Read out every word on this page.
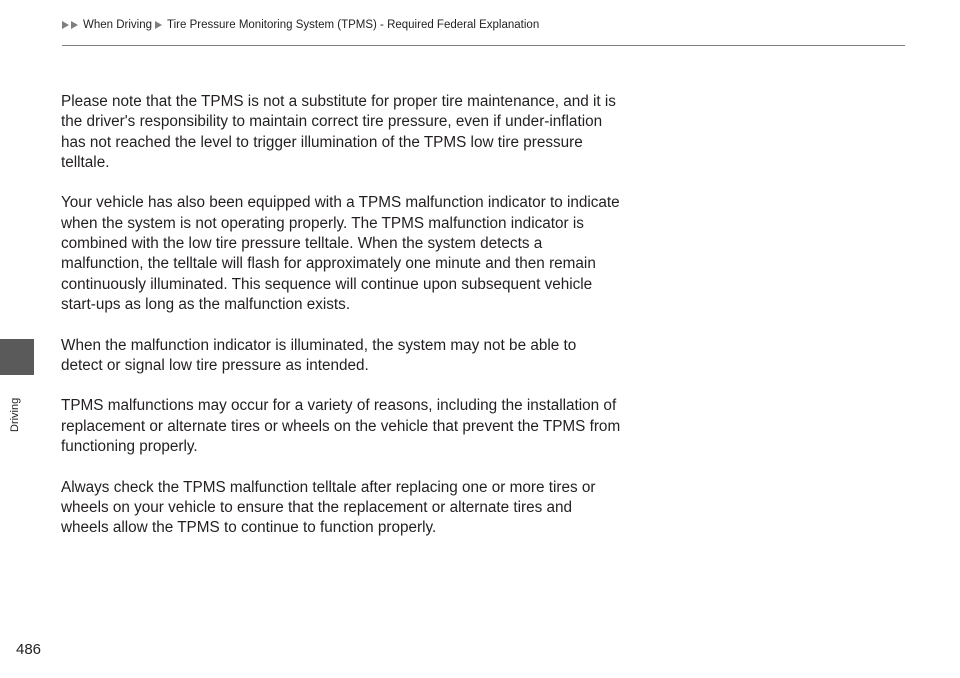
When Driving Tire Pressure Monitoring System (TPMS) - Required Federal Explanation
Driving

Please note that the TPMS is not a substitute for proper tire maintenance, and it is the driver's responsibility to maintain correct tire pressure, even if under-inflation has not reached the level to trigger illumination of the TPMS low tire pressure telltale.

Your vehicle has also been equipped with a TPMS malfunction indicator to indicate when the system is not operating properly. The TPMS malfunction indicator is combined with the low tire pressure telltale. When the system detects a malfunction, the telltale will flash for approximately one minute and then remain continuously illuminated. This sequence will continue upon subsequent vehicle start-ups as long as the malfunction exists.

When the malfunction indicator is illuminated, the system may not be able to detect or signal low tire pressure as intended.

TPMS malfunctions may occur for a variety of reasons, including the installation of replacement or alternate tires or wheels on the vehicle that prevent the TPMS from functioning properly.

Always check the TPMS malfunction telltale after replacing one or more tires or wheels on your vehicle to ensure that the replacement or alternate tires and wheels allow the TPMS to continue to function properly.

486
